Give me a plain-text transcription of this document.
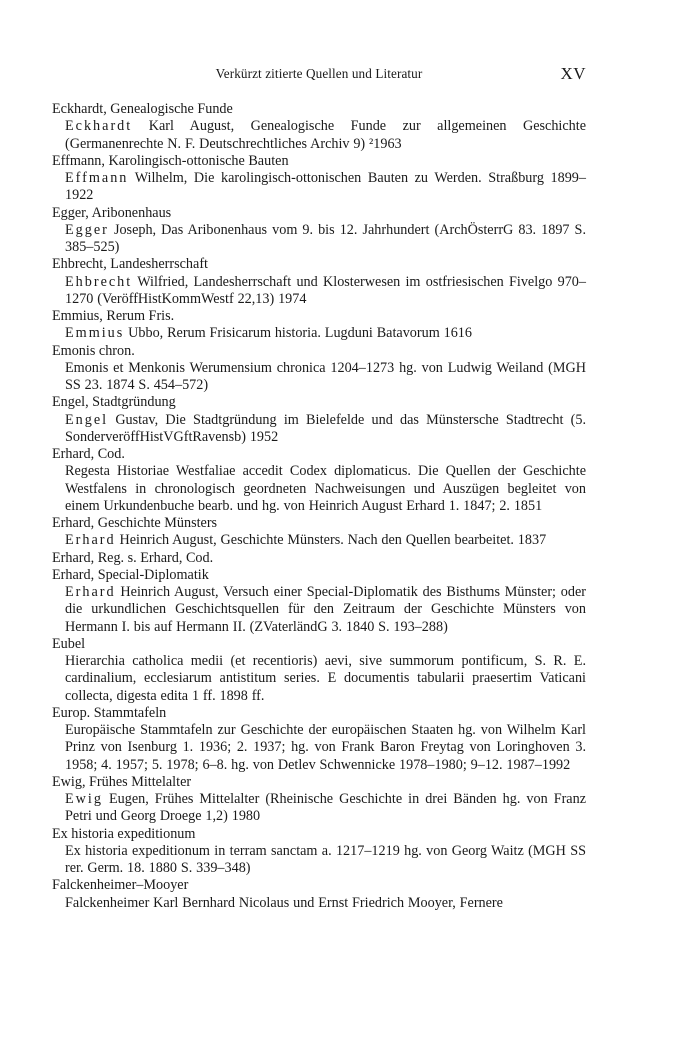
Verkürzt zitierte Quellen und Literatur	XV
Eckhardt, Genealogische Funde
Eckhardt Karl August, Genealogische Funde zur allgemeinen Geschichte (Germanenrechte N. F. Deutschrechtliches Archiv 9) ²1963
Effmann, Karolingisch-ottonische Bauten
Effmann Wilhelm, Die karolingisch-ottonischen Bauten zu Werden. Straßburg 1899–1922
Egger, Aribonenhaus
Egger Joseph, Das Aribonenhaus vom 9. bis 12. Jahrhundert (ArchÖsterrG 83. 1897 S. 385–525)
Ehbrecht, Landesherrschaft
Ehbrecht Wilfried, Landesherrschaft und Klosterwesen im ostfriesischen Fivelgo 970–1270 (VeröffHistKommWestf 22,13) 1974
Emmius, Rerum Fris.
Emmius Ubbo, Rerum Frisicarum historia. Lugduni Batavorum 1616
Emonis chron.
Emonis et Menkonis Werumensium chronica 1204–1273 hg. von Ludwig Weiland (MGH SS 23. 1874 S. 454–572)
Engel, Stadtgründung
Engel Gustav, Die Stadtgründung im Bielefelde und das Münstersche Stadtrecht (5. SonderveröffHistVGftRavensb) 1952
Erhard, Cod.
Regesta Historiae Westfaliae accedit Codex diplomaticus. Die Quellen der Geschichte Westfalens in chronologisch geordneten Nachweisungen und Auszügen begleitet von einem Urkundenbuche bearb. und hg. von Heinrich August Erhard 1. 1847; 2. 1851
Erhard, Geschichte Münsters
Erhard Heinrich August, Geschichte Münsters. Nach den Quellen bearbeitet. 1837
Erhard, Reg. s. Erhard, Cod.
Erhard, Special-Diplomatik
Erhard Heinrich August, Versuch einer Special-Diplomatik des Bisthums Münster; oder die urkundlichen Geschichtsquellen für den Zeitraum der Geschichte Münsters von Hermann I. bis auf Hermann II. (ZVaterländG 3. 1840 S. 193–288)
Eubel
Hierarchia catholica medii (et recentioris) aevi, sive summorum pontificum, S. R. E. cardinalium, ecclesiarum antistitum series. E documentis tabularii praesertim Vaticani collecta, digesta edita 1 ff. 1898 ff.
Europ. Stammtafeln
Europäische Stammtafeln zur Geschichte der europäischen Staaten hg. von Wilhelm Karl Prinz von Isenburg 1. 1936; 2. 1937; hg. von Frank Baron Freytag von Loringhoven 3. 1958; 4. 1957; 5. 1978; 6–8. hg. von Detlev Schwennicke 1978–1980; 9–12. 1987–1992
Ewig, Frühes Mittelalter
Ewig Eugen, Frühes Mittelalter (Rheinische Geschichte in drei Bänden hg. von Franz Petri und Georg Droege 1,2) 1980
Ex historia expeditionum
Ex historia expeditionum in terram sanctam a. 1217–1219 hg. von Georg Waitz (MGH SS rer. Germ. 18. 1880 S. 339–348)
Falckenheimer–Mooyer
Falckenheimer Karl Bernhard Nicolaus und Ernst Friedrich Mooyer, Fernere
